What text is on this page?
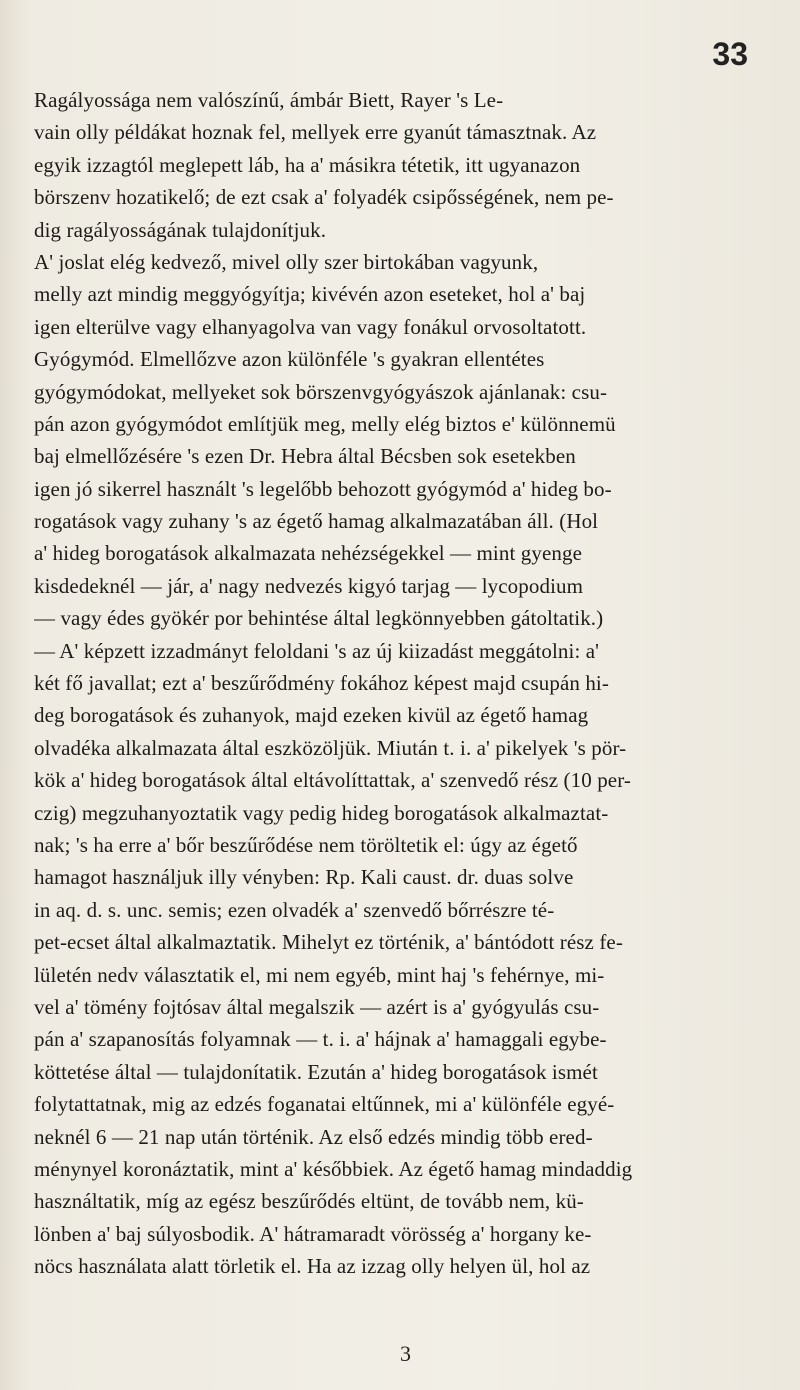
33
Ragályossága nem valószínű, ámbár Biett, Rayer 's Le-
vain olly példákat hoznak fel, mellyek erre gyanút támasztnak. Az
egyik izzagtól meglepett láb, ha a' másikra tétetik, itt ugyanazon
börszenv hozatikelő; de ezt csak a' folyadék csipősségének, nem pe-
dig ragályosságának tulajdonítjuk.
A' joslat elég kedvező, mivel olly szer birtokában vagyunk,
melly azt mindig meggyógyítja; kivévén azon eseteket, hol a' baj
igen elterülve vagy elhanyagolva van vagy fonákul orvosoltatott.
Gyógymód. Elmellőzve azon különféle 's gyakran ellentétes
gyógymódokat, mellyeket sok börszenvgyógyászok ajánlanak: csu-
pán azon gyógymódot említjük meg, melly elég biztos e' különnemü
baj elmellőzésére 's ezen Dr. Hebra által Bécsben sok esetekben
igen jó sikerrel használt 's legelőbb behozott gyógymód a' hideg bo-
rogatások vagy zuhany 's az égető hamag alkalmazatában áll. (Hol
a' hideg borogatások alkalmazata nehézségekkel — mint gyenge
kisdedeknél — jár, a' nagy nedvezés kigyó tarjag — lycopodium
— vagy édes gyökér por behintése által legkönnyebben gátoltatik.)
— A' képzett izzadmányt feloldani 's az új kiizadást meggátolni: a'
két fő javallat; ezt a' beszűrődmény fokához képest majd csupán hi-
deg borogatások és zuhanyok, majd ezeken kivül az égető hamag
olvadéka alkalmazata által eszközöljük. Miután t. i. a' pikelyek 's pör-
kök a' hideg borogatások által eltávolíttattak, a' szenvedő rész (10 per-
czig) megzuhanyoztatik vagy pedig hideg borogatások alkalmaztat-
nak; 's ha erre a' bőr beszűrődése nem töröltetik el: úgy az égető
hamagot használjuk illy vényben: Rp. Kali caust. dr. duas solve
in aq. d. s. unc. semis; ezen olvadék a' szenvedő bőrrészre té-
pet-ecset által alkalmaztatik. Mihelyt ez történik, a' bántódott rész fe-
lületén nedv választatik el, mi nem egyéb, mint haj 's fehérnye, mi-
vel a' tömény fojtósav által megalszik — azért is a' gyógyulás csu-
pán a' szapanosítás folyamnak — t. i. a' hájnak a' hamaggali egybe-
köttetése által — tulajdonítatik. Ezután a' hideg borogatások ismét
folytattatnak, mig az edzés foganatai eltűnnek, mi a' különféle egyé-
neknél 6 — 21 nap után történik. Az első edzés mindig több ered-
ménynyel koronáztatik, mint a' későbbiek. Az égető hamag mindaddig
használtatik, míg az egész beszűrődés eltünt, de tovább nem, kü-
lönben a' baj súlyosbodik. A' hátramaradt vörösség a' horgany ke-
nöcs használata alatt törletik el. Ha az izzag olly helyen ül, hol az
3
